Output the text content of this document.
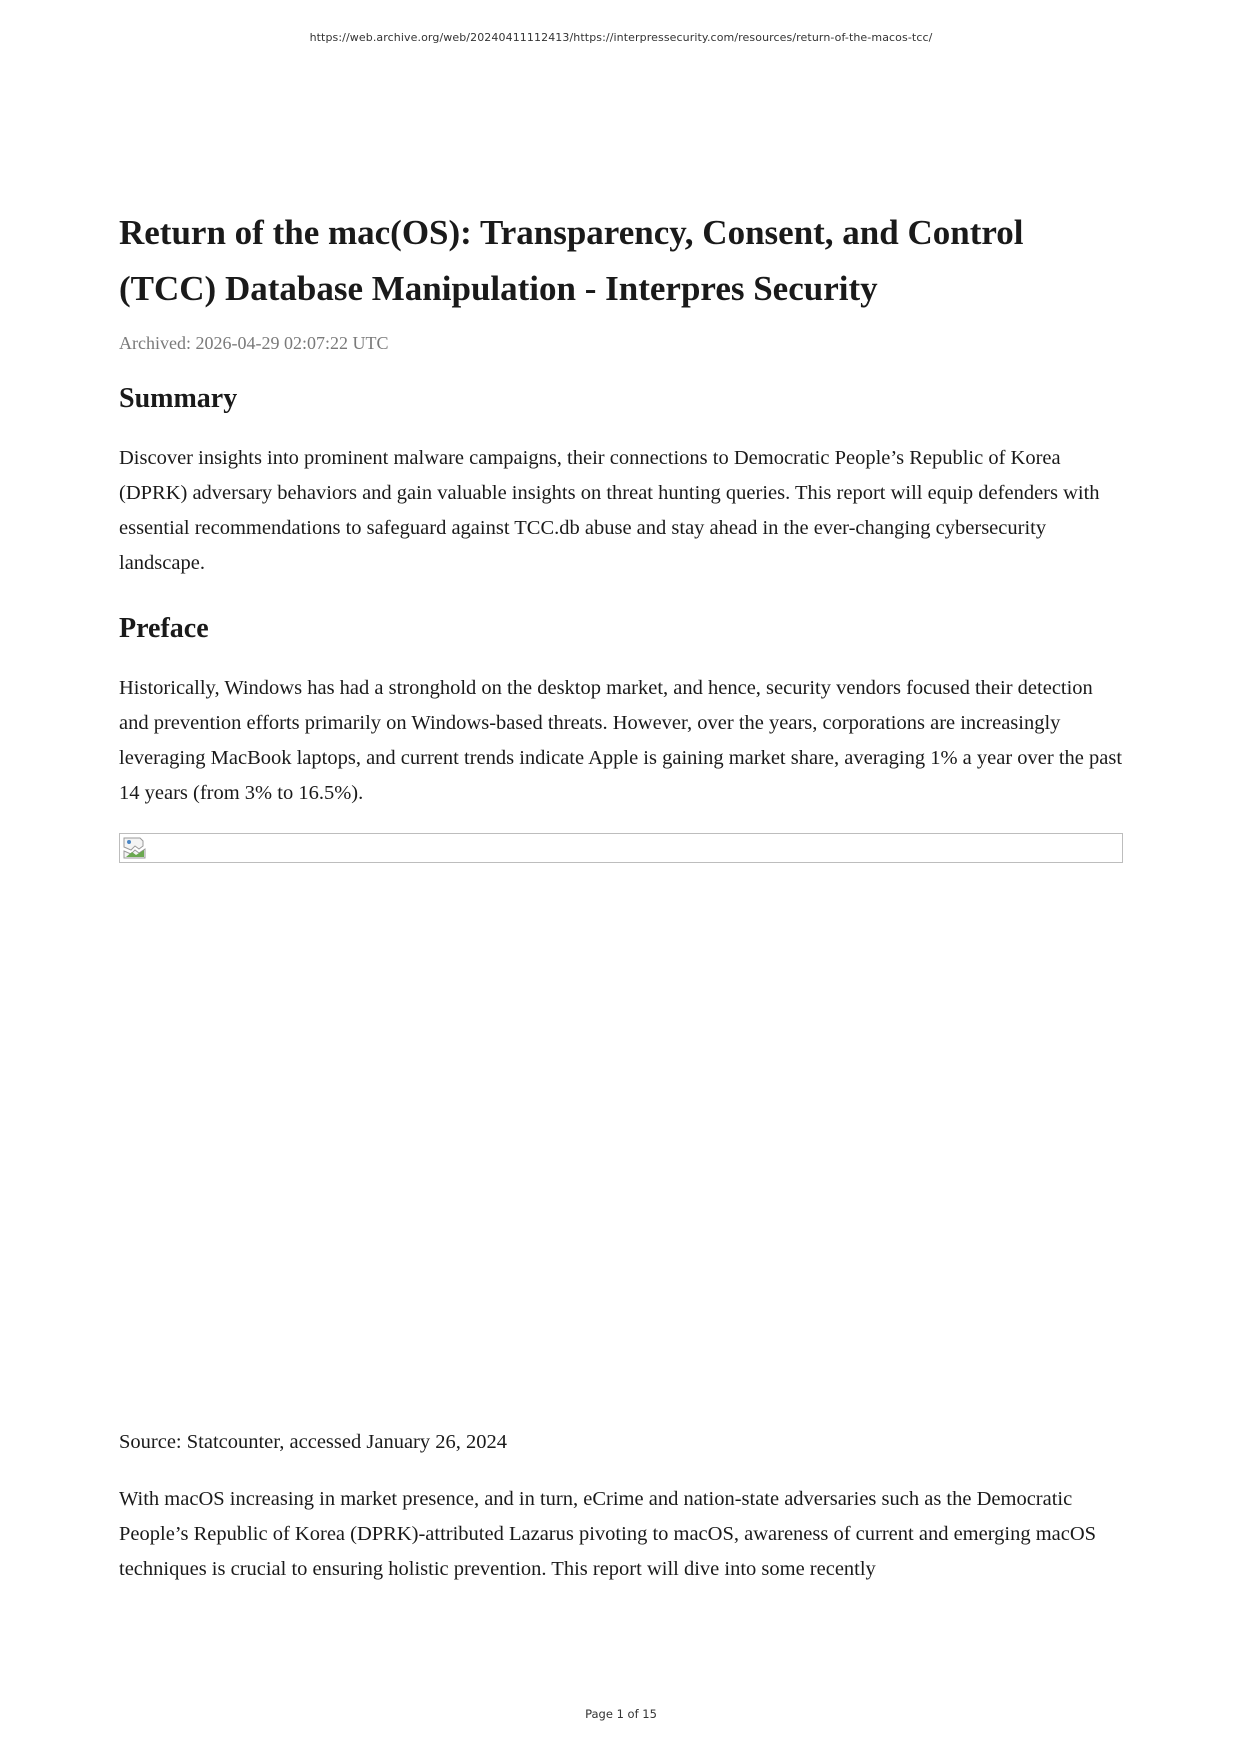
https://web.archive.org/web/20240411112413/https://interpressecurity.com/resources/return-of-the-macos-tcc/
Return of the mac(OS): Transparency, Consent, and Control (TCC) Database Manipulation - Interpres Security
Archived: 2026-04-29 02:07:22 UTC
Summary

Discover insights into prominent malware campaigns, their connections to Democratic People’s Republic of Korea (DPRK) adversary behaviors and gain valuable insights on threat hunting queries. This report will equip defenders with essential recommendations to safeguard against TCC.db abuse and stay ahead in the ever-changing cybersecurity landscape.

Preface

Historically, Windows has had a stronghold on the desktop market, and hence, security vendors focused their detection and prevention efforts primarily on Windows-based threats. However, over the years, corporations are increasingly leveraging MacBook laptops, and current trends indicate Apple is gaining market share, averaging 1% a year over the past 14 years (from 3% to 16.5%).

Source: Statcounter, accessed January 26, 2024

With macOS increasing in market presence, and in turn, eCrime and nation-state adversaries such as the Democratic People’s Republic of Korea (DPRK)-attributed Lazarus pivoting to macOS, awareness of current and emerging macOS techniques is crucial to ensuring holistic prevention. This report will dive into some recently

Page 1 of 15
